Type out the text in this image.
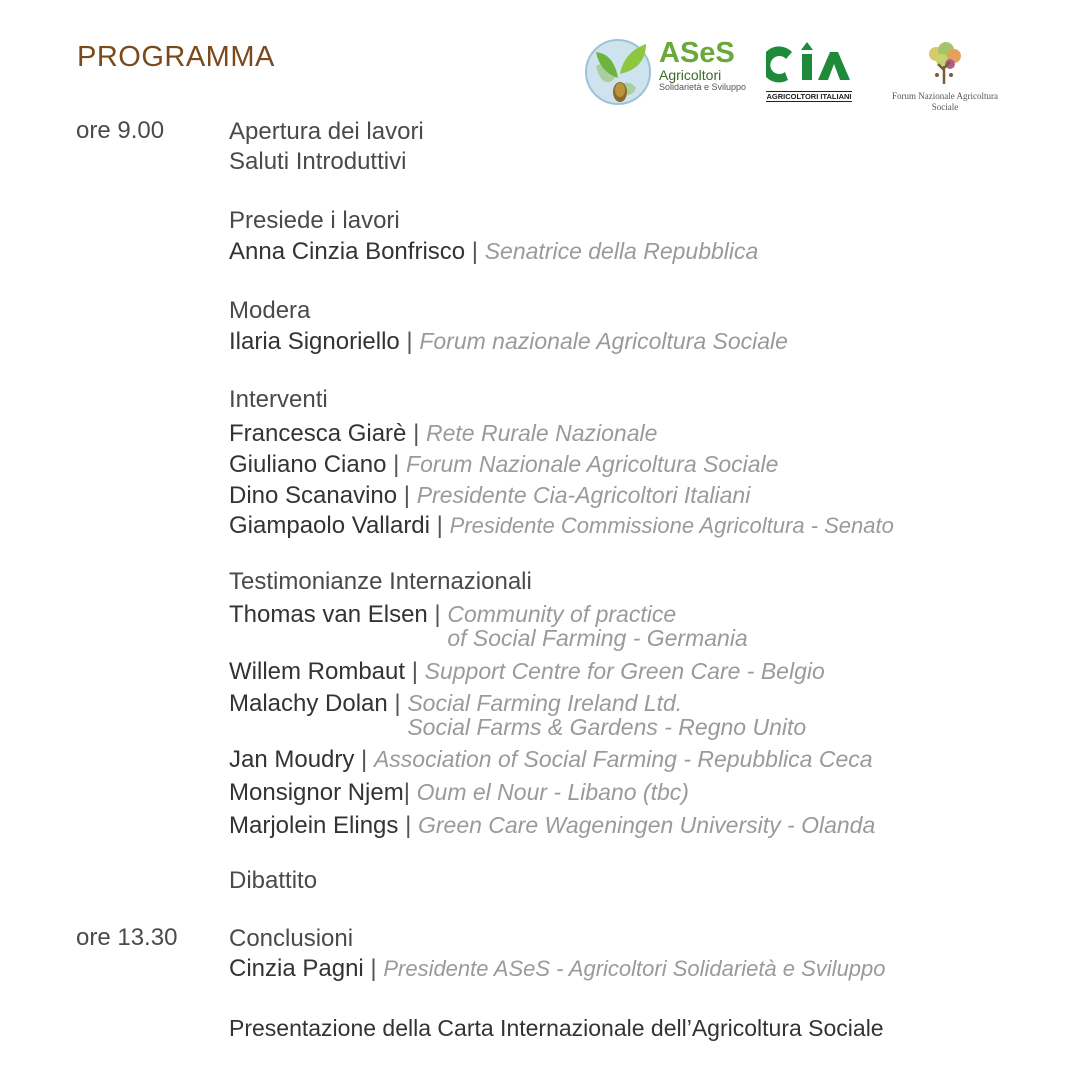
PROGRAMMA	ASeS
Agricoltori
Solidarietà e Sviluppo
AGRICOLTORI ITALIANI	Forum Nazionale Agricoltura Sociale
ore 9.00
ore 13.30
Apertura dei lavori
Saluti Introduttivi
Presiede i lavori
Anna Cinzia Bonfrisco | Senatrice della Repubblica
Modera
Ilaria Signoriello | Forum nazionale Agricoltura Sociale
Interventi
Francesca Giarè | Rete Rurale Nazionale
Giuliano Ciano | Forum Nazionale Agricoltura Sociale
Dino Scanavino | Presidente Cia-Agricoltori Italiani
Giampaolo Vallardi | Presidente Commissione Agricoltura - Senato
Testimonianze Internazionali
Thomas van Elsen | Community of practice
of Social Farming - Germania
Willem Rombaut | Support Centre for Green Care - Belgio
Malachy Dolan | Social Farming Ireland Ltd.
Social Farms & Gardens - Regno Unito
Jan Moudry | Association of Social Farming - Repubblica Ceca
Monsignor Njem| Oum el Nour - Libano (tbc)
Marjolein Elings | Green Care Wageningen University - Olanda
Dibattito
Conclusioni
Cinzia Pagni | Presidente ASeS - Agricoltori Solidarietà e Sviluppo
Presentazione della Carta Internazionale dell’Agricoltura Sociale
